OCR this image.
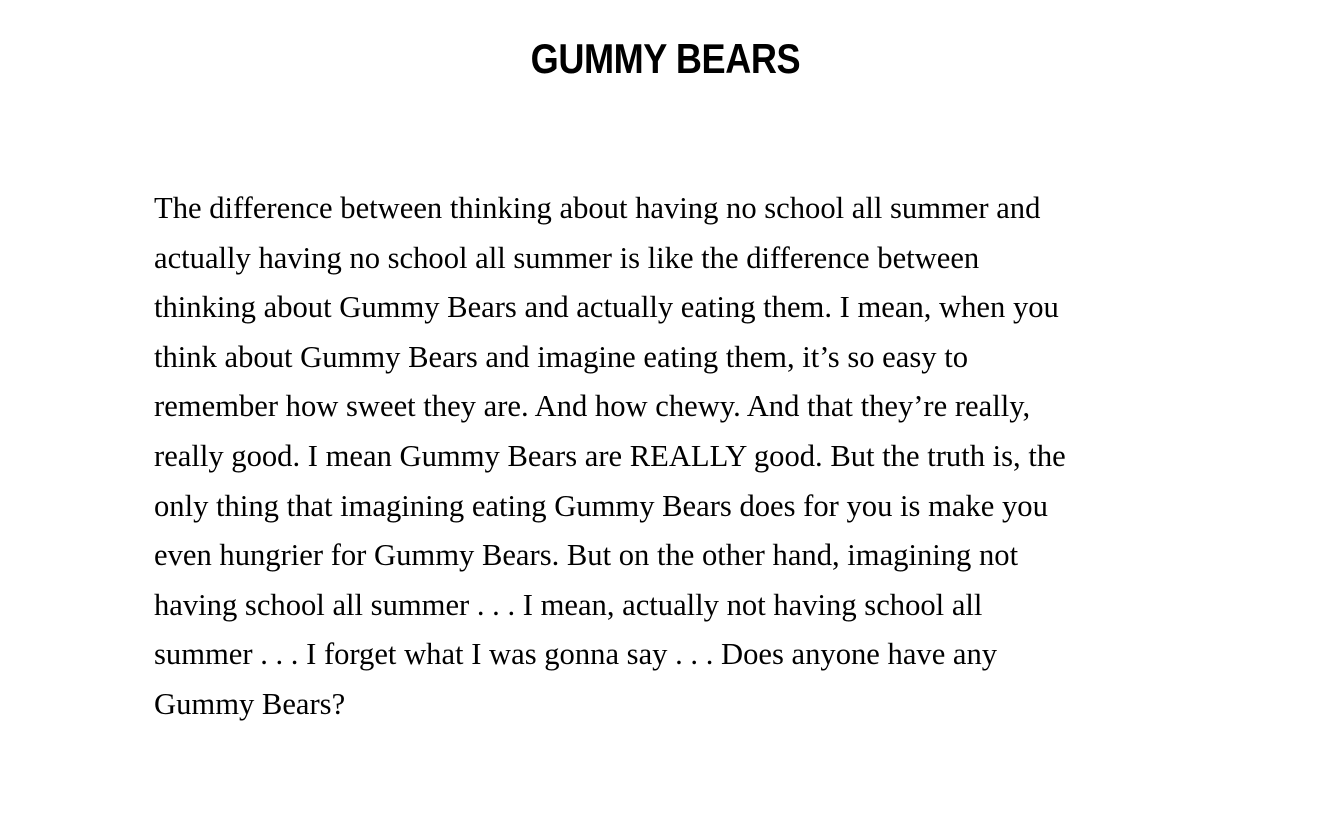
GUMMY BEARS
The difference between thinking about having no school all summer and
actually having no school all summer is like the difference between
thinking about Gummy Bears and actually eating them. I mean, when you
think about Gummy Bears and imagine eating them, it’s so easy to
remember how sweet they are. And how chewy. And that they’re really,
really good. I mean Gummy Bears are REALLY good. But the truth is, the
only thing that imagining eating Gummy Bears does for you is make you
even hungrier for Gummy Bears. But on the other hand, imagining not
having school all summer . . . I mean, actually not having school all
summer . . . I forget what I was gonna say . . . Does anyone have any
Gummy Bears?
